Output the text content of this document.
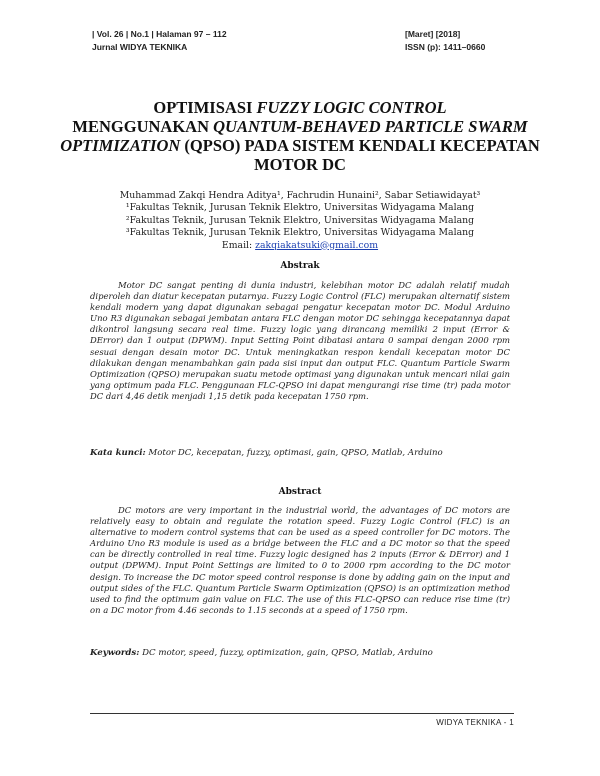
| Vol. 26 | No.1 | Halaman 97 – 112
Jurnal WIDYA TEKNIKA
[Maret] [2018]
ISSN (p): 1411–0660
OPTIMISASI FUZZY LOGIC CONTROL
MENGGUNAKAN QUANTUM-BEHAVED PARTICLE SWARM OPTIMIZATION (QPSO) PADA SISTEM KENDALI KECEPATAN MOTOR DC
Muhammad Zakqi Hendra Aditya¹, Fachrudin Hunaini², Sabar Setiawidayat³
¹Fakultas Teknik, Jurusan Teknik Elektro, Universitas Widyagama Malang
²Fakultas Teknik, Jurusan Teknik Elektro, Universitas Widyagama Malang
³Fakultas Teknik, Jurusan Teknik Elektro, Universitas Widyagama Malang
Email: zakqiakatsuki@gmail.com
Abstrak

Motor DC sangat penting di dunia industri, kelebihan motor DC adalah relatif mudah diperoleh dan diatur kecepatan putarnya. Fuzzy Logic Control (FLC) merupakan alternatif sistem kendali modern yang dapat digunakan sebagai pengatur kecepatan motor DC. Modul Arduino Uno R3 digunakan sebagai jembatan antara FLC dengan motor DC sehingga kecepatannya dapat dikontrol langsung secara real time. Fuzzy logic yang dirancang memiliki 2 input (Error & DError) dan 1 output (DPWM). Input Setting Point dibatasi antara 0 sampai dengan 2000 rpm sesuai dengan desain motor DC. Untuk meningkatkan respon kendali kecepatan motor DC dilakukan dengan menambahkan gain pada sisi input dan output FLC. Quantum Particle Swarm Optimization (QPSO) merupakan suatu metode optimasi yang digunakan untuk mencari nilai gain yang optimum pada FLC. Penggunaan FLC-QPSO ini dapat mengurangi rise time (tr) pada motor DC dari 4,46 detik menjadi 1,15 detik pada kecepatan 1750 rpm.

Kata kunci: Motor DC, kecepatan, fuzzy, optimasi, gain, QPSO, Matlab, Arduino
Abstract

DC motors are very important in the industrial world, the advantages of DC motors are relatively easy to obtain and regulate the rotation speed. Fuzzy Logic Control (FLC) is an alternative to modern control systems that can be used as a speed controller for DC motors. The Arduino Uno R3 module is used as a bridge between the FLC and a DC motor so that the speed can be directly controlled in real time. Fuzzy logic designed has 2 inputs (Error & DError) and 1 output (DPWM). Input Point Settings are limited to 0 to 2000 rpm according to the DC motor design. To increase the DC motor speed control response is done by adding gain on the input and output sides of the FLC. Quantum Particle Swarm Optimization (QPSO) is an optimization method used to find the optimum gain value on FLC. The use of this FLC-QPSO can reduce rise time (tr) on a DC motor from 4.46 seconds to 1.15 seconds at a speed of 1750 rpm.

Keywords: DC motor, speed, fuzzy, optimization, gain, QPSO, Matlab, Arduino
WIDYA TEKNIKA - 1
